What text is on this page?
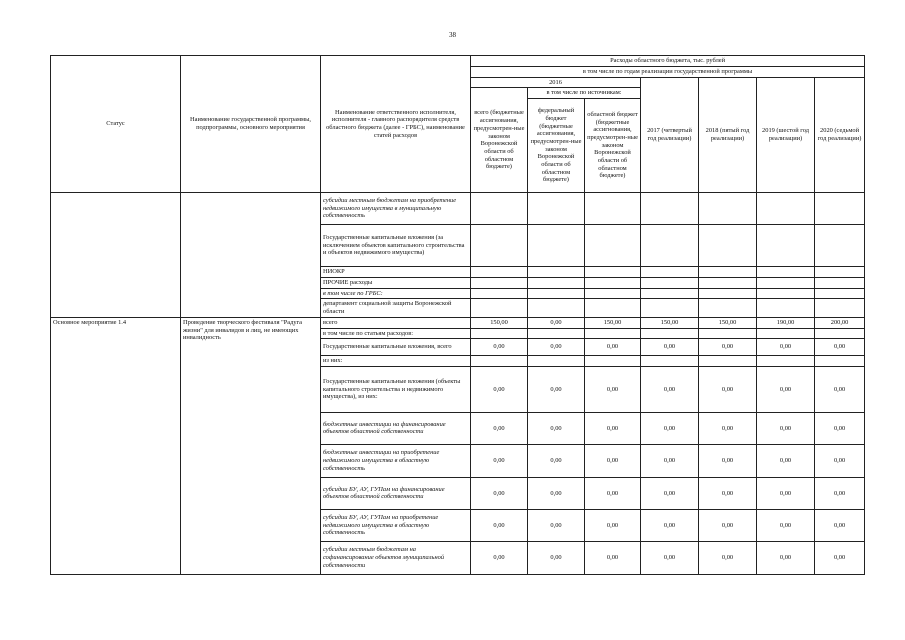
38
Статус	Наименование государственной программы, подпрограммы, основного мероприятия	Наименование ответственного исполнителя, исполнителя - главного распорядителя средств областного бюджета (далее - ГРБС), наименование статей расходов	Расходы областного бюджета, тыс. рублей						
			в том числе по годам реализации государственной программы						
			2016			2017 (четвертый год реализации)	2018 (пятый год реализации)	2019 (шестой год реализации)	2020 (седьмой год реализации)
			всего (бюджетные ассигнования, предусмотрен-ные законом Воронежской области об областном бюджете)	в том числе по источникам:					
				федеральный бюджет (бюджетные ассигнования, предусмотрен-ные законом Воронежской области об областном бюджете)	областной бюджет (бюджетные ассигнования, предусмотрен-ные законом Воронежской области об областном бюджете)				
		субсидии местным бюджетам на приобретение недвижимого имущества в муниципальную собственность							
		Государственные капитальные вложения (за исключением объектов капитального строительства и объектов недвижимого имущества)							
		НИОКР							
		ПРОЧИЕ расходы							
		в том числе по ГРБС:							
		департамент социальной защиты Воронежской области							
Основное мероприятие 1.4	Проведение творческого фестиваля "Радуга жизни" для инвалидов и лиц, не имеющих инвалидность	всего	150,00	0,00	150,00	150,00	150,00	190,00	200,00
		в том числе по статьям расходов:							
		Государственные капитальные вложения, всего	0,00	0,00	0,00	0,00	0,00	0,00	0,00
		из них:							
		Государственные капитальные вложения (объекты капитального строительства и недвижимого имущества), из них:	0,00	0,00	0,00	0,00	0,00	0,00	0,00
		бюджетные инвестиции на финансирование объектов областной собственности	0,00	0,00	0,00	0,00	0,00	0,00	0,00
		бюджетные инвестиции на приобретение недвижимого имущества в областную собственность	0,00	0,00	0,00	0,00	0,00	0,00	0,00
		субсидии БУ, АУ, ГУПам на финансирование объектов областной собственности	0,00	0,00	0,00	0,00	0,00	0,00	0,00
		субсидии БУ, АУ, ГУПам на приобретение недвижимого имущества в областную собственность	0,00	0,00	0,00	0,00	0,00	0,00	0,00
		субсидии местным бюджетам на софинансирование объектов муниципальной собственности	0,00	0,00	0,00	0,00	0,00	0,00	0,00
